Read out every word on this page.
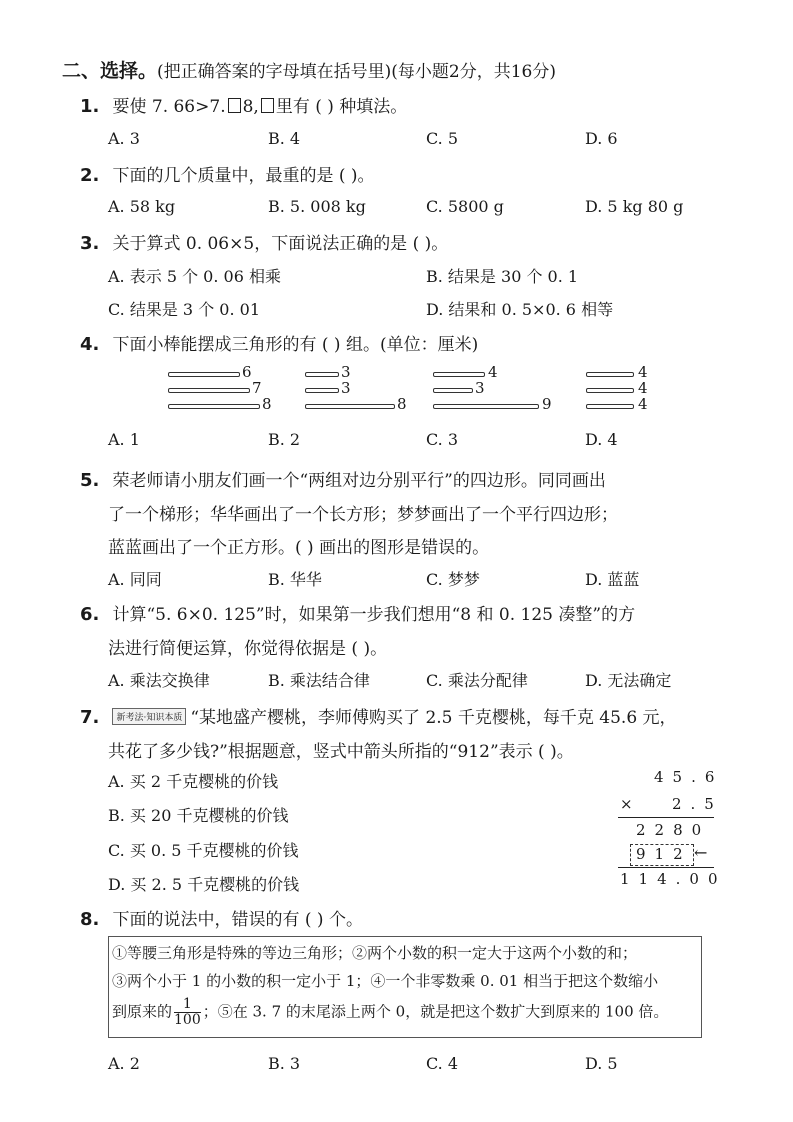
二、选择。(把正确答案的字母填在括号里)(每小题2分，共16分)
1. 要使 7. 66>7. 8, 里有 ( ) 种填法。
A. 3	B. 4	C. 5	D. 6
2. 下面的几个质量中，最重的是 ( )。
A. 58 kg	B. 5. 008 kg	C. 5800 g	D. 5 kg 80 g
3. 关于算式 0. 06×5，下面说法正确的是 ( )。
A. 表示 5 个 0. 06 相乘	B. 结果是 30 个 0. 1
C. 结果是 3 个 0. 01	D. 结果和 0. 5×0. 6 相等
4. 下面小棒能摆成三角形的有 ( ) 组。(单位：厘米)
6
7
8
3
3
8
4
3
9
4
4
4
A. 1	B. 2	C. 3	D. 4
5. 荣老师请小朋友们画一个“两组对边分别平行”的四边形。同同画出
了一个梯形；华华画出了一个长方形；梦梦画出了一个平行四边形；
蓝蓝画出了一个正方形。( ) 画出的图形是错误的。
A. 同同	B. 华华	C. 梦梦	D. 蓝蓝
6. 计算“5. 6×0. 125”时，如果第一步我们想用“8 和 0. 125 凑整”的方
法进行简便运算，你觉得依据是 ( )。
A. 乘法交换律	B. 乘法结合律	C. 乘法分配律	D. 无法确定
7. 新考法·知识本质 “某地盛产樱桃，李师傅购买了 2.5 千克樱桃，每千克 45.6 元，
共花了多少钱?”根据题意，竖式中箭头所指的“912”表示 ( )。
A. 买 2 千克樱桃的价钱
B. 买 20 千克樱桃的价钱
C. 买 0. 5 千克樱桃的价钱
D. 买 2. 5 千克樱桃的价钱
45.6
× 2.5
2280
912 ←
114.00
8. 下面的说法中，错误的有 ( ) 个。
①等腰三角形是特殊的等边三角形；②两个小数的积一定大于这两个小数的和；
③两个小于 1 的小数的积一定小于 1；④一个非零数乘 0. 01 相当于把这个数缩小
到原来的 $\frac{1}{100}$ ；⑤在 3. 7 的末尾添上两个 0，就是把这个数扩大到原来的 100 倍。
A. 2	B. 3	C. 4	D. 5
